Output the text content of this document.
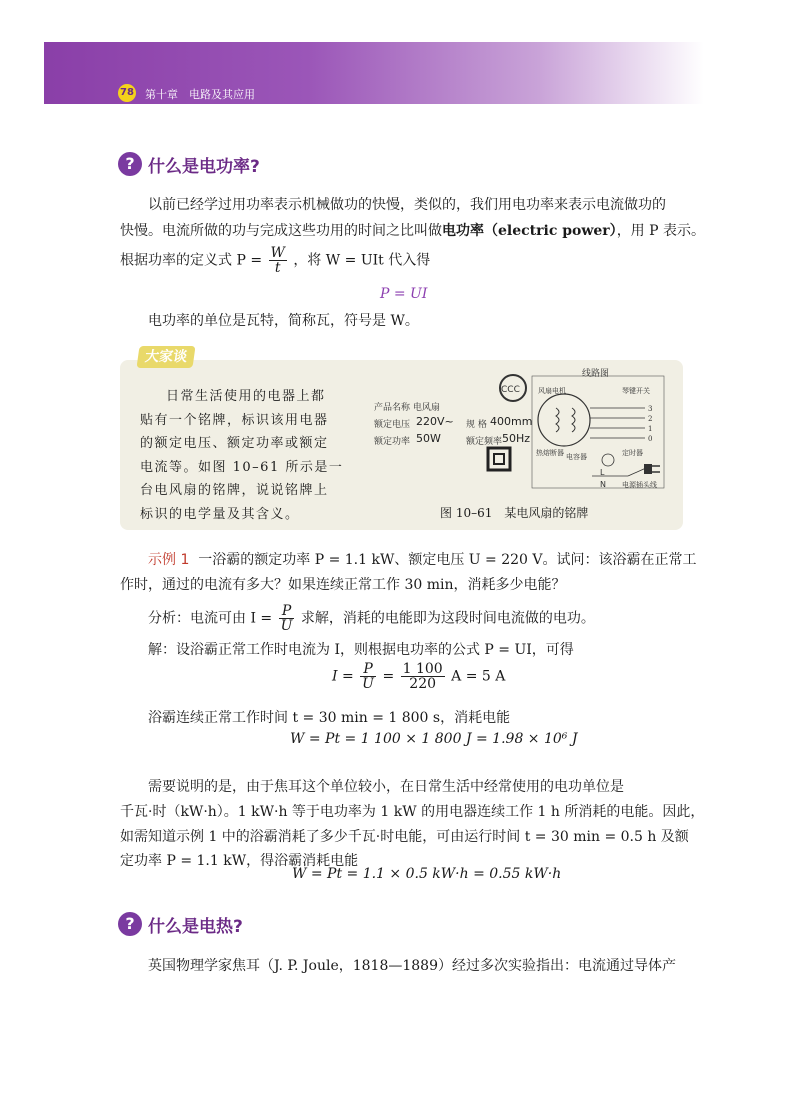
78 第十章　电路及其应用
? 什么是电功率?
以前已经学过用功率表示机械做功的快慢，类似的，我们用电功率来表示电流做功的
快慢。电流所做的功与完成这些功用的时间之比叫做电功率（electric power），用 P 表示。
根据功率的定义式 $P = \frac{W}{t}$ ，将 W = UIt 代入得
P = UI
电功率的单位是瓦特，简称瓦，符号是 W。
大家谈
日常生活使用的电器上都
贴有一个铭牌，标识该用电器
的额定电压、额定功率或额定
电流等。如图 10–61 所示是一
台电风扇的铭牌，说说铭牌上
标识的电学量及其含义。
CCC
3
2
1
0
产品名称 电风扇
额定电压 220V~
额定功率 50W
规 格 400mm
额定频率 50Hz
线路图
风扇电机	琴键开关
热熔断器 电容器	定时器
电源插头线
L
N
图 10–61　某电风扇的铭牌
示例 1 一浴霸的额定功率 P = 1.1 kW、额定电压 U = 220 V。试问：该浴霸在正常工
作时，通过的电流有多大？如果连续正常工作 30 min，消耗多少电能？
分析：电流可由 $I = \frac{P}{U}$ 求解，消耗的电能即为这段时间电流做的电功。
解：设浴霸正常工作时电流为 I，则根据电功率的公式 P = UI，可得
$I = \frac{P}{U} = \frac{1 100}{220}$ A = 5 A
浴霸连续正常工作时间 t = 30 min = 1 800 s，消耗电能
W = Pt = 1 100 × 1 800 J = 1.98 × 10⁶ J
需要说明的是，由于焦耳这个单位较小，在日常生活中经常使用的电功单位是
千瓦·时（kW·h）。1 kW·h 等于电功率为 1 kW 的用电器连续工作 1 h 所消耗的电能。因此，
如需知道示例 1 中的浴霸消耗了多少千瓦·时电能，可由运行时间 t = 30 min = 0.5 h 及额
定功率 P = 1.1 kW，得浴霸消耗电能
W = Pt = 1.1 × 0.5 kW·h = 0.55 kW·h
? 什么是电热?
英国物理学家焦耳（J. P. Joule，1818—1889）经过多次实验指出：电流通过导体产
